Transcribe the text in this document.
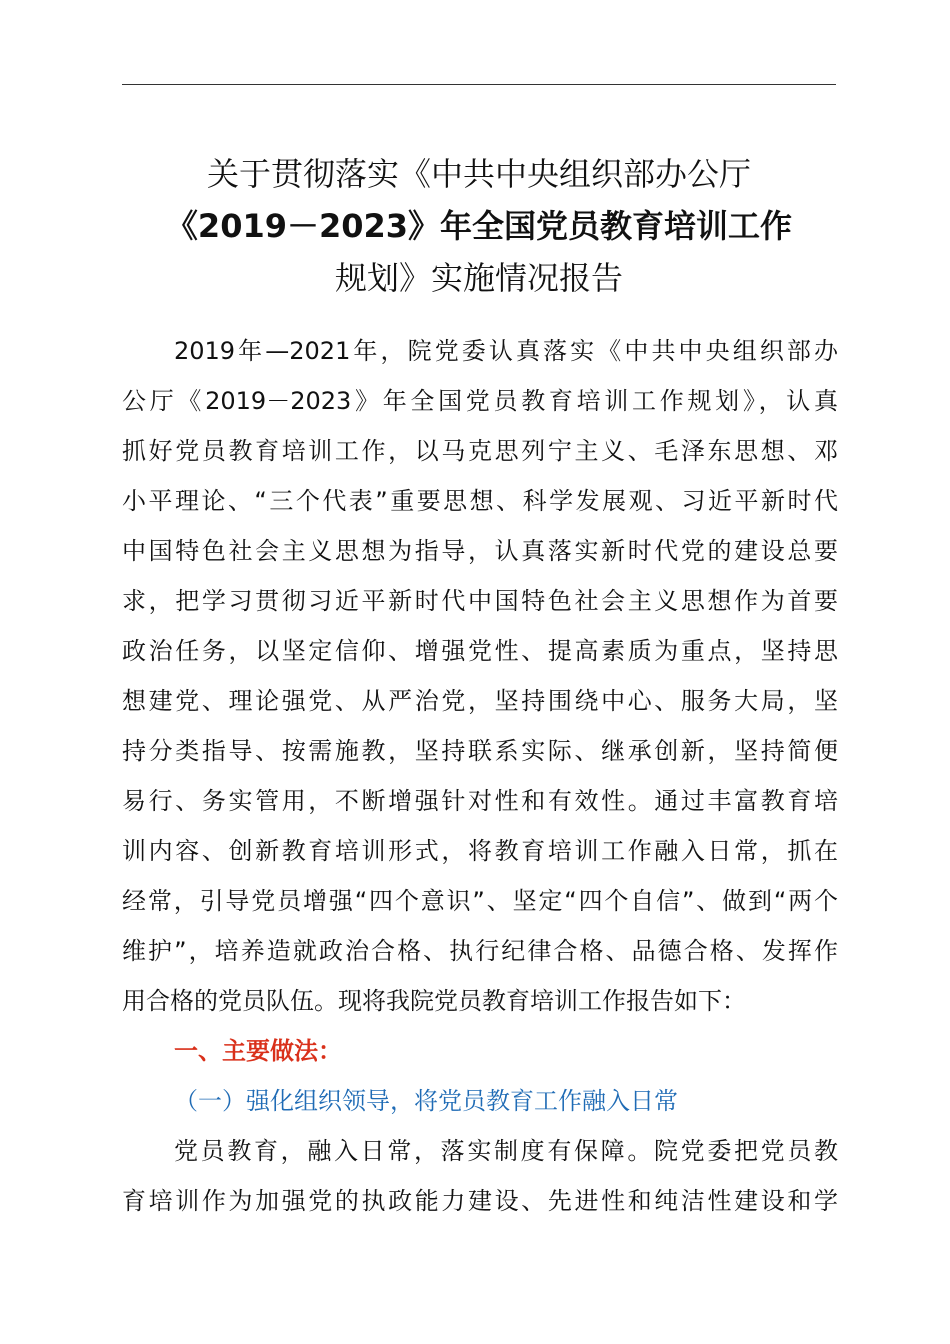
关于贯彻落实《中共中央组织部办公厅
《2019－2023》年全国党员教育培训工作
规划》实施情况报告
2019年—2021年，院党委认真落实《中共中央组织部办
公厅《2019－2023》年全国党员教育培训工作规划》，认真
抓好党员教育培训工作，以马克思列宁主义、毛泽东思想、邓
小平理论、“三个代表”重要思想、科学发展观、习近平新时代
中国特色社会主义思想为指导，认真落实新时代党的建设总要
求，把学习贯彻习近平新时代中国特色社会主义思想作为首要
政治任务，以坚定信仰、增强党性、提高素质为重点，坚持思
想建党、理论强党、从严治党，坚持围绕中心、服务大局，坚
持分类指导、按需施教，坚持联系实际、继承创新，坚持简便
易行、务实管用，不断增强针对性和有效性。通过丰富教育培
训内容、创新教育培训形式，将教育培训工作融入日常，抓在
经常，引导党员增强“四个意识”、坚定“四个自信”、做到“两个
维护”，培养造就政治合格、执行纪律合格、品德合格、发挥作
用合格的党员队伍。现将我院党员教育培训工作报告如下：
一、主要做法：
（一）强化组织领导，将党员教育工作融入日常
党员教育，融入日常，落实制度有保障。院党委把党员教
育培训作为加强党的执政能力建设、先进性和纯洁性建设和学
